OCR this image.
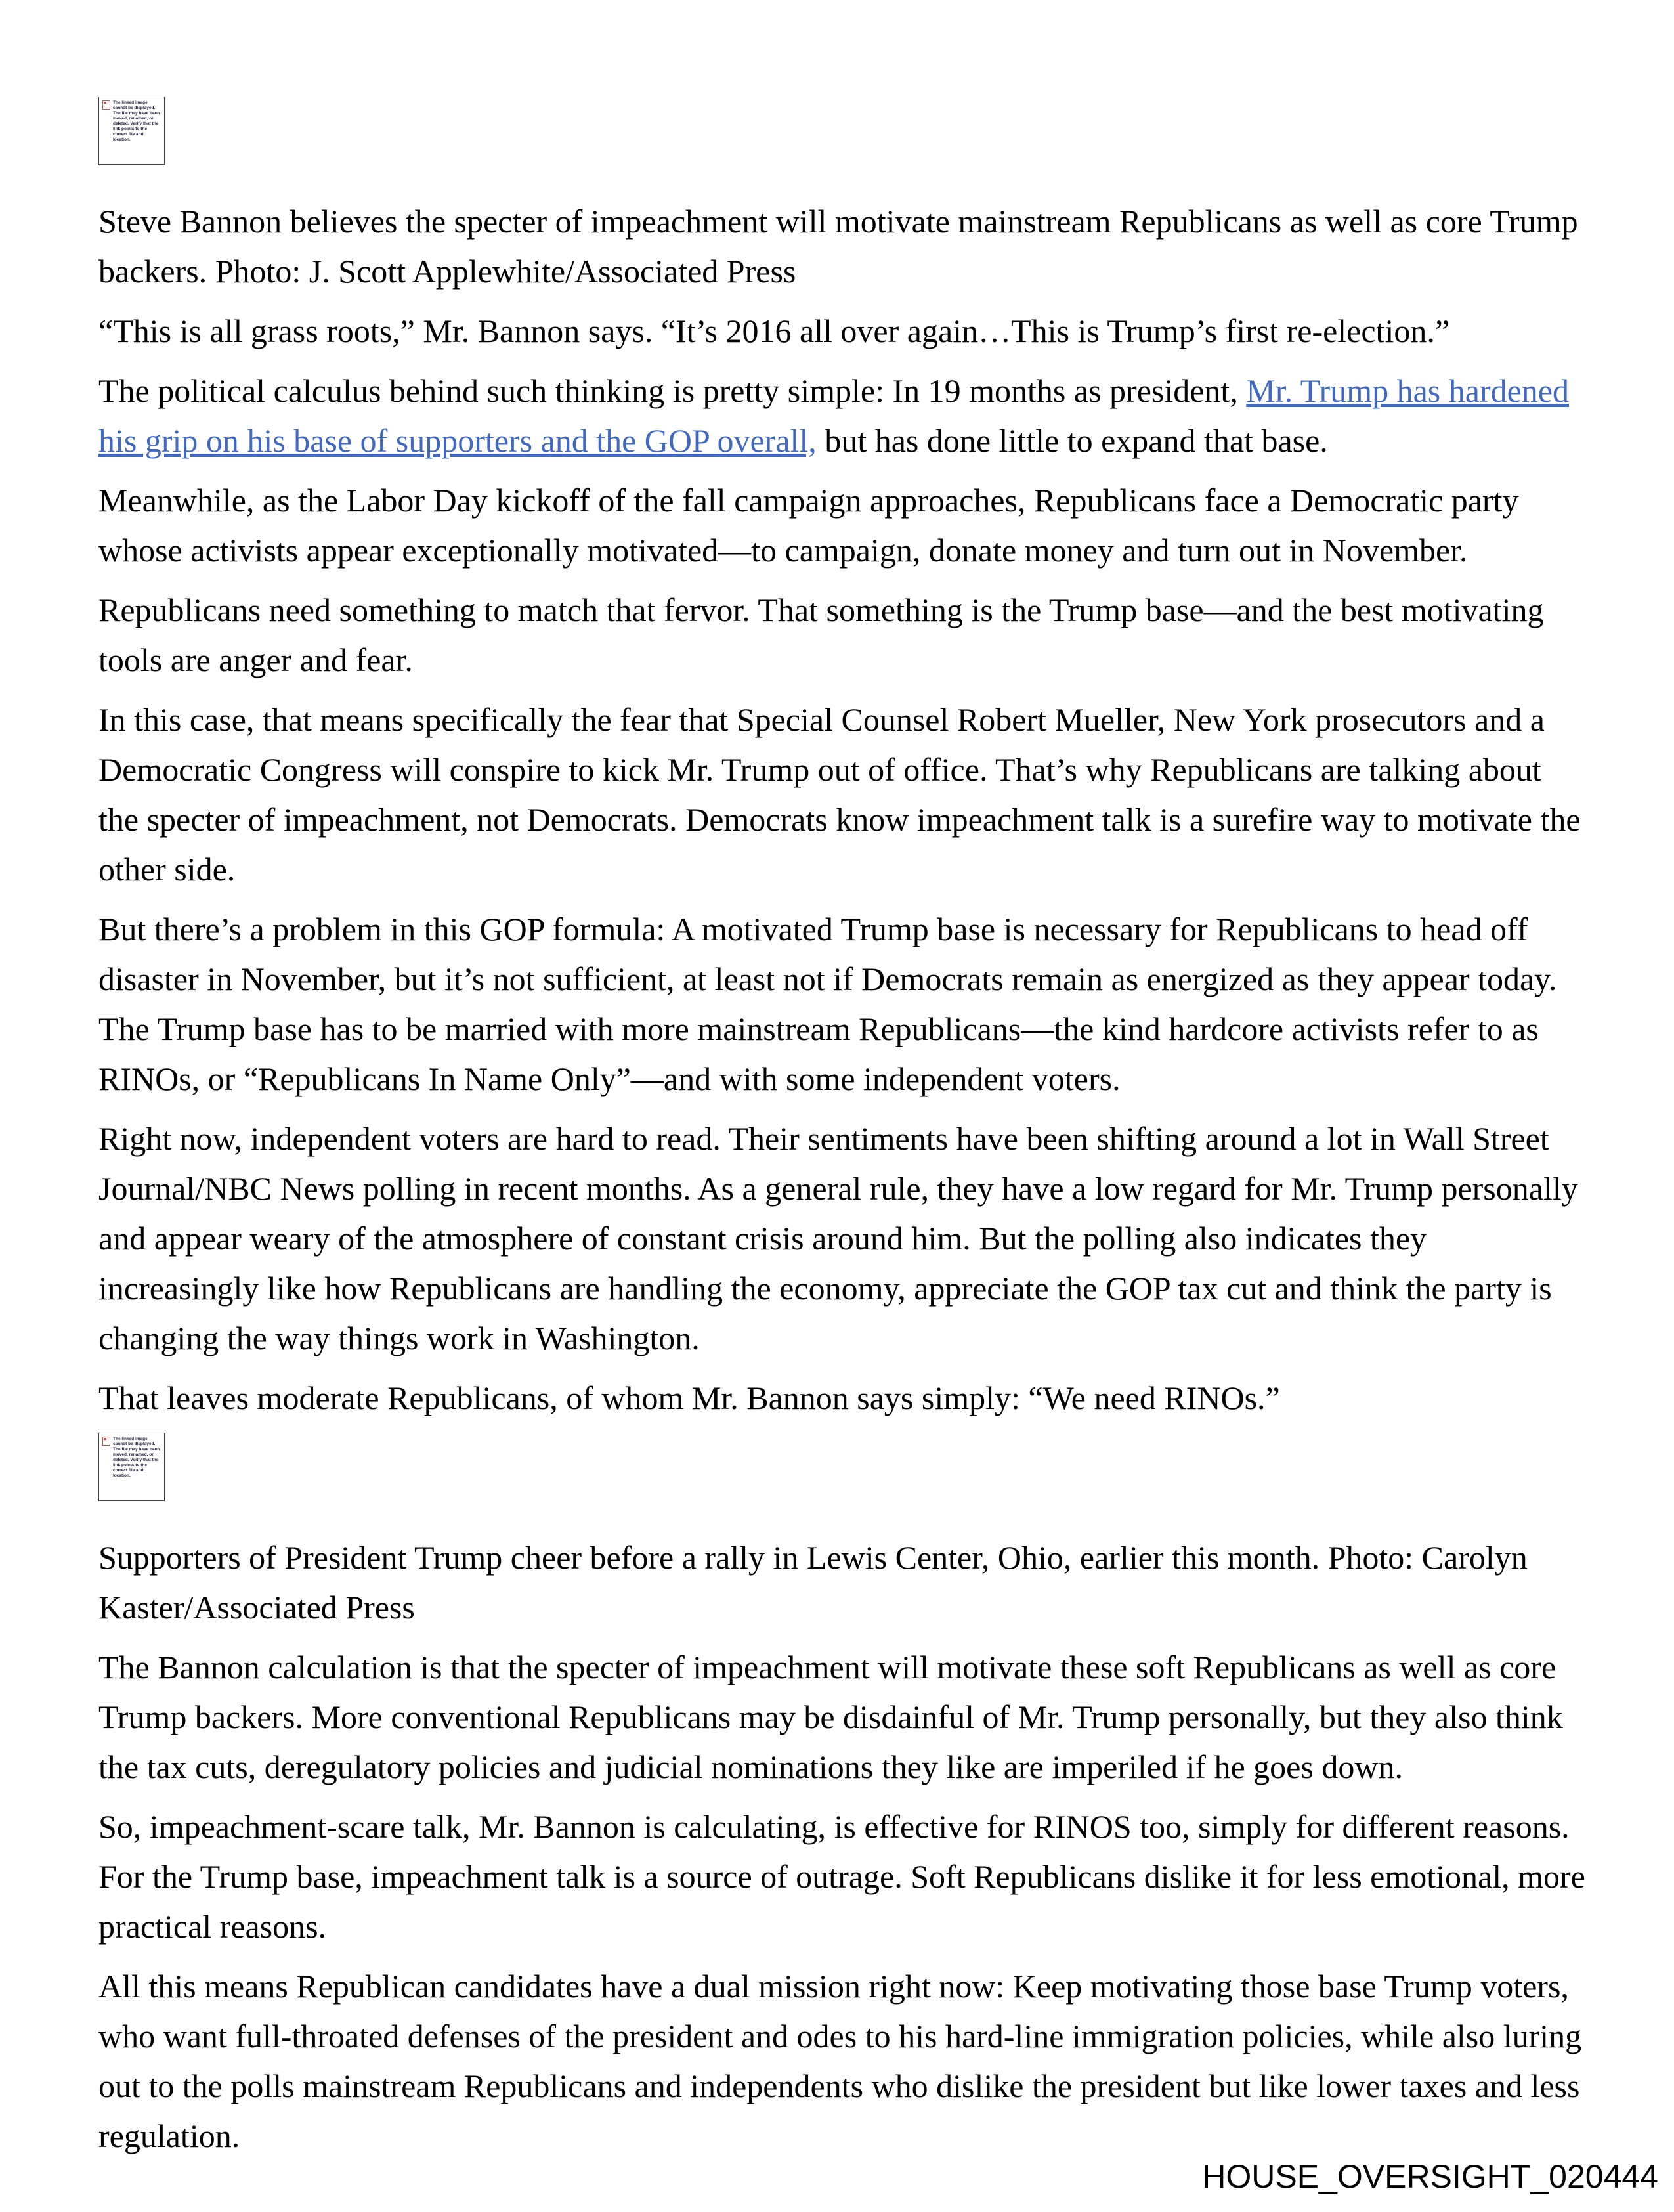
The linked image cannot be displayed. The file may have been moved, renamed, or deleted. Verify that the link points to the correct file and location.

Steve Bannon believes the specter of impeachment will motivate mainstream Republicans as well as core Trump backers. Photo: J. Scott Applewhite/Associated Press

“This is all grass roots,” Mr. Bannon says. “It’s 2016 all over again…This is Trump’s first re-election.”

The political calculus behind such thinking is pretty simple: In 19 months as president, Mr. Trump has hardened his grip on his base of supporters and the GOP overall, but has done little to expand that base.

Meanwhile, as the Labor Day kickoff of the fall campaign approaches, Republicans face a Democratic party whose activists appear exceptionally motivated—to campaign, donate money and turn out in November.

Republicans need something to match that fervor. That something is the Trump base—and the best motivating tools are anger and fear.

In this case, that means specifically the fear that Special Counsel Robert Mueller, New York prosecutors and a Democratic Congress will conspire to kick Mr. Trump out of office. That’s why Republicans are talking about the specter of impeachment, not Democrats. Democrats know impeachment talk is a surefire way to motivate the other side.

But there’s a problem in this GOP formula: A motivated Trump base is necessary for Republicans to head off disaster in November, but it’s not sufficient, at least not if Democrats remain as energized as they appear today. The Trump base has to be married with more mainstream Republicans—the kind hardcore activists refer to as RINOs, or “Republicans In Name Only”—and with some independent voters.

Right now, independent voters are hard to read. Their sentiments have been shifting around a lot in Wall Street Journal/NBC News polling in recent months. As a general rule, they have a low regard for Mr. Trump personally and appear weary of the atmosphere of constant crisis around him. But the polling also indicates they increasingly like how Republicans are handling the economy, appreciate the GOP tax cut and think the party is changing the way things work in Washington.

That leaves moderate Republicans, of whom Mr. Bannon says simply: “We need RINOs.”

The linked image cannot be displayed. The file may have been moved, renamed, or deleted. Verify that the link points to the correct file and location.

Supporters of President Trump cheer before a rally in Lewis Center, Ohio, earlier this month. Photo: Carolyn Kaster/Associated Press

The Bannon calculation is that the specter of impeachment will motivate these soft Republicans as well as core Trump backers. More conventional Republicans may be disdainful of Mr. Trump personally, but they also think the tax cuts, deregulatory policies and judicial nominations they like are imperiled if he goes down.

So, impeachment-scare talk, Mr. Bannon is calculating, is effective for RINOS too, simply for different reasons. For the Trump base, impeachment talk is a source of outrage. Soft Republicans dislike it for less emotional, more practical reasons.

All this means Republican candidates have a dual mission right now: Keep motivating those base Trump voters, who want full-throated defenses of the president and odes to his hard-line immigration policies, while also luring out to the polls mainstream Republicans and independents who dislike the president but like lower taxes and less regulation.

HOUSE_OVERSIGHT_020444
